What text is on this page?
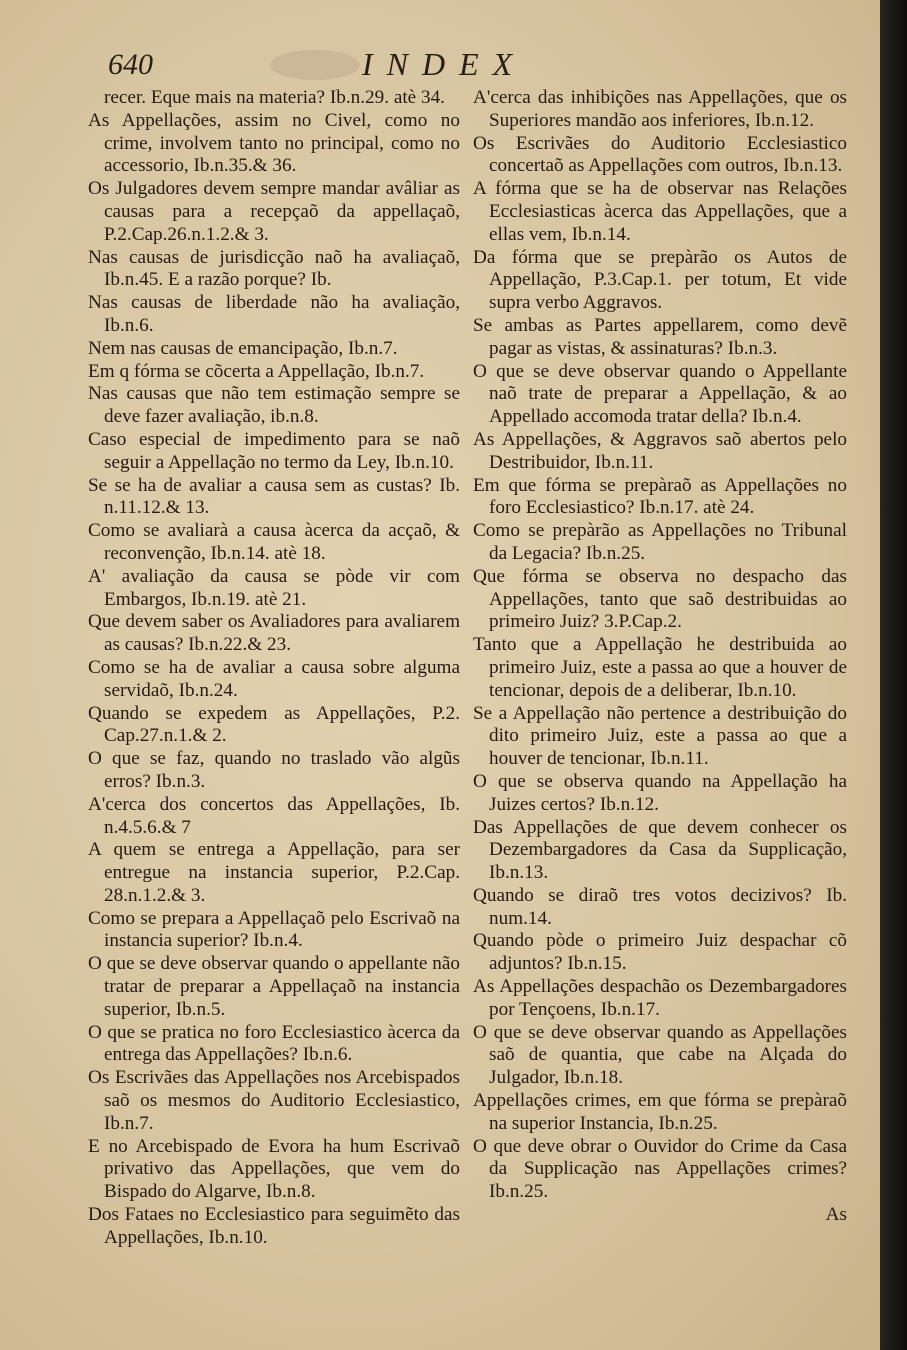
640	INDEX

recer. Eque mais na materia? Ib.n.29. atè 34.

As Appellações, assim no Civel, como no crime, involvem tanto no principal, como no accessorio, Ib.n.35.& 36.

Os Julgadores devem sempre mandar avâliar as causas para a recepçaõ da appellaçaõ, P.2.Cap.26.n.1.2.& 3.

Nas causas de jurisdicção naõ ha avaliaçaõ, Ib.n.45. E a razão porque? Ib.

Nas causas de liberdade não ha avaliação, Ib.n.6.

Nem nas causas de emancipação, Ib.n.7.

Em q fórma se cõcerta a Appellação, Ib.n.7.

Nas causas que não tem estimação sempre se deve fazer avaliação, ib.n.8.

Caso especial de impedimento para se naõ seguir a Appellação no termo da Ley, Ib.n.10.

Se se ha de avaliar a causa sem as custas? Ib. n.11.12.& 13.

Como se avaliarà a causa àcerca da acçaõ, & reconvenção, Ib.n.14. atè 18.

A' avaliação da causa se pòde vir com Embargos, Ib.n.19. atè 21.

Que devem saber os Avaliadores para avaliarem as causas? Ib.n.22.& 23.

Como se ha de avaliar a causa sobre alguma servidaõ, Ib.n.24.

Quando se expedem as Appellações, P.2. Cap.27.n.1.& 2.

O que se faz, quando no traslado vão algũs erros? Ib.n.3.

A'cerca dos concertos das Appellações, Ib. n.4.5.6.& 7

A quem se entrega a Appellação, para ser entregue na instancia superior, P.2.Cap. 28.n.1.2.& 3.

Como se prepara a Appellaçaõ pelo Escrivaõ na instancia superior? Ib.n.4.

O que se deve observar quando o appellante não tratar de preparar a Appellaçaõ na instancia superior, Ib.n.5.

O que se pratica no foro Ecclesiastico àcerca da entrega das Appellações? Ib.n.6.

Os Escrivães das Appellações nos Arcebispados saõ os mesmos do Auditorio Ecclesiastico, Ib.n.7.

E no Arcebispado de Evora ha hum Escrivaõ privativo das Appellações, que vem do Bispado do Algarve, Ib.n.8.

Dos Fataes no Ecclesiastico para seguimẽto das Appellações, Ib.n.10.

A'cerca das inhibições nas Appellações, que os Superiores mandão aos inferiores, Ib.n.12.

Os Escrivães do Auditorio Ecclesiastico concertaõ as Appellações com outros, Ib.n.13.

A fórma que se ha de observar nas Relações Ecclesiasticas àcerca das Appellações, que a ellas vem, Ib.n.14.

Da fórma que se prepàrão os Autos de Appellação, P.3.Cap.1. per totum, Et vide supra verbo Aggravos.

Se ambas as Partes appellarem, como devẽ pagar as vistas, & assinaturas? Ib.n.3.

O que se deve observar quando o Appellante naõ trate de preparar a Appellação, & ao Appellado accomoda tratar della? Ib.n.4.

As Appellações, & Aggravos saõ abertos pelo Destribuidor, Ib.n.11.

Em que fórma se prepàraõ as Appellações no foro Ecclesiastico? Ib.n.17. atè 24.

Como se prepàrão as Appellações no Tribunal da Legacia? Ib.n.25.

Que fórma se observa no despacho das Appellações, tanto que saõ destribuidas ao primeiro Juiz? 3.P.Cap.2.

Tanto que a Appellação he destribuida ao primeiro Juiz, este a passa ao que a houver de tencionar, depois de a deliberar, Ib.n.10.

Se a Appellação não pertence a destribuição do dito primeiro Juiz, este a passa ao que a houver de tencionar, Ib.n.11.

O que se observa quando na Appellação ha Juizes certos? Ib.n.12.

Das Appellações de que devem conhecer os Dezembargadores da Casa da Supplicação, Ib.n.13.

Quando se diraõ tres votos decizivos? Ib. num.14.

Quando pòde o primeiro Juiz despachar cõ adjuntos? Ib.n.15.

As Appellações despachão os Dezembargadores por Tençoens, Ib.n.17.

O que se deve observar quando as Appellações saõ de quantia, que cabe na Alçada do Julgador, Ib.n.18.

Appellações crimes, em que fórma se prepàraõ na superior Instancia, Ib.n.25.

O que deve obrar o Ouvidor do Crime da Casa da Supplicação nas Appellações crimes? Ib.n.25.

As
